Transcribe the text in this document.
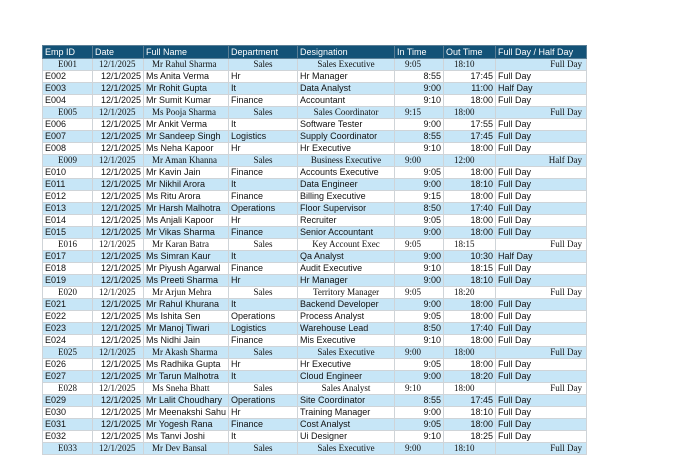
Emp ID	Date	Full Name	Department	Designation	In Time	Out Time	Full Day / Half Day
E001	12/1/2025	Mr Rahul Sharma	Sales	Sales Executive	9:05	18:10	Full Day
E002	12/1/2025	Ms Anita Verma	Hr	Hr Manager	8:55	17:45	Full Day
E003	12/1/2025	Mr Rohit Gupta	It	Data Analyst	9:00	11:00	Half Day
E004	12/1/2025	Mr Sumit Kumar	Finance	Accountant	9:10	18:00	Full Day
E005	12/1/2025	Ms Pooja Sharma	Sales	Sales Coordinator	9:15	18:00	Full Day
E006	12/1/2025	Mr Ankit Verma	It	Software Tester	9:00	17:55	Full Day
E007	12/1/2025	Mr Sandeep Singh	Logistics	Supply Coordinator	8:55	17:45	Full Day
E008	12/1/2025	Ms Neha Kapoor	Hr	Hr Executive	9:10	18:00	Full Day
E009	12/1/2025	Mr Aman Khanna	Sales	Business Executive	9:00	12:00	Half Day
E010	12/1/2025	Mr Kavin Jain	Finance	Accounts Executive	9:05	18:00	Full Day
E011	12/1/2025	Mr Nikhil Arora	It	Data Engineer	9:00	18:10	Full Day
E012	12/1/2025	Ms Ritu Arora	Finance	Billing Executive	9:15	18:00	Full Day
E013	12/1/2025	Mr Harsh Malhotra	Operations	Floor Supervisor	8:50	17:40	Full Day
E014	12/1/2025	Ms Anjali Kapoor	Hr	Recruiter	9:05	18:00	Full Day
E015	12/1/2025	Mr Vikas Sharma	Finance	Senior Accountant	9:00	18:00	Full Day
E016	12/1/2025	Mr Karan Batra	Sales	Key Account Exec	9:05	18:15	Full Day
E017	12/1/2025	Ms Simran Kaur	It	Qa Analyst	9:00	10:30	Half Day
E018	12/1/2025	Mr Piyush Agarwal	Finance	Audit Executive	9:10	18:15	Full Day
E019	12/1/2025	Ms Preeti Sharma	Hr	Hr Manager	9:00	18:10	Full Day
E020	12/1/2025	Mr Arjun Mehra	Sales	Territory Manager	9:05	18:20	Full Day
E021	12/1/2025	Mr Rahul Khurana	It	Backend Developer	9:00	18:00	Full Day
E022	12/1/2025	Ms Ishita Sen	Operations	Process Analyst	9:05	18:00	Full Day
E023	12/1/2025	Mr Manoj Tiwari	Logistics	Warehouse Lead	8:50	17:40	Full Day
E024	12/1/2025	Ms Nidhi Jain	Finance	Mis Executive	9:10	18:00	Full Day
E025	12/1/2025	Mr Akash Sharma	Sales	Sales Executive	9:00	18:00	Full Day
E026	12/1/2025	Ms Radhika Gupta	Hr	Hr Executive	9:05	18:00	Full Day
E027	12/1/2025	Mr Tarun Malhotra	It	Cloud Engineer	9:00	18:20	Full Day
E028	12/1/2025	Ms Sneha Bhatt	Sales	Sales Analyst	9:10	18:00	Full Day
E029	12/1/2025	Mr Lalit Choudhary	Operations	Site Coordinator	8:55	17:45	Full Day
E030	12/1/2025	Mr Meenakshi Sahu	Hr	Training Manager	9:00	18:10	Full Day
E031	12/1/2025	Mr Yogesh Rana	Finance	Cost Analyst	9:05	18:00	Full Day
E032	12/1/2025	Ms Tanvi Joshi	It	Ui Designer	9:10	18:25	Full Day
E033	12/1/2025	Mr Dev Bansal	Sales	Sales Executive	9:00	18:10	Full Day
